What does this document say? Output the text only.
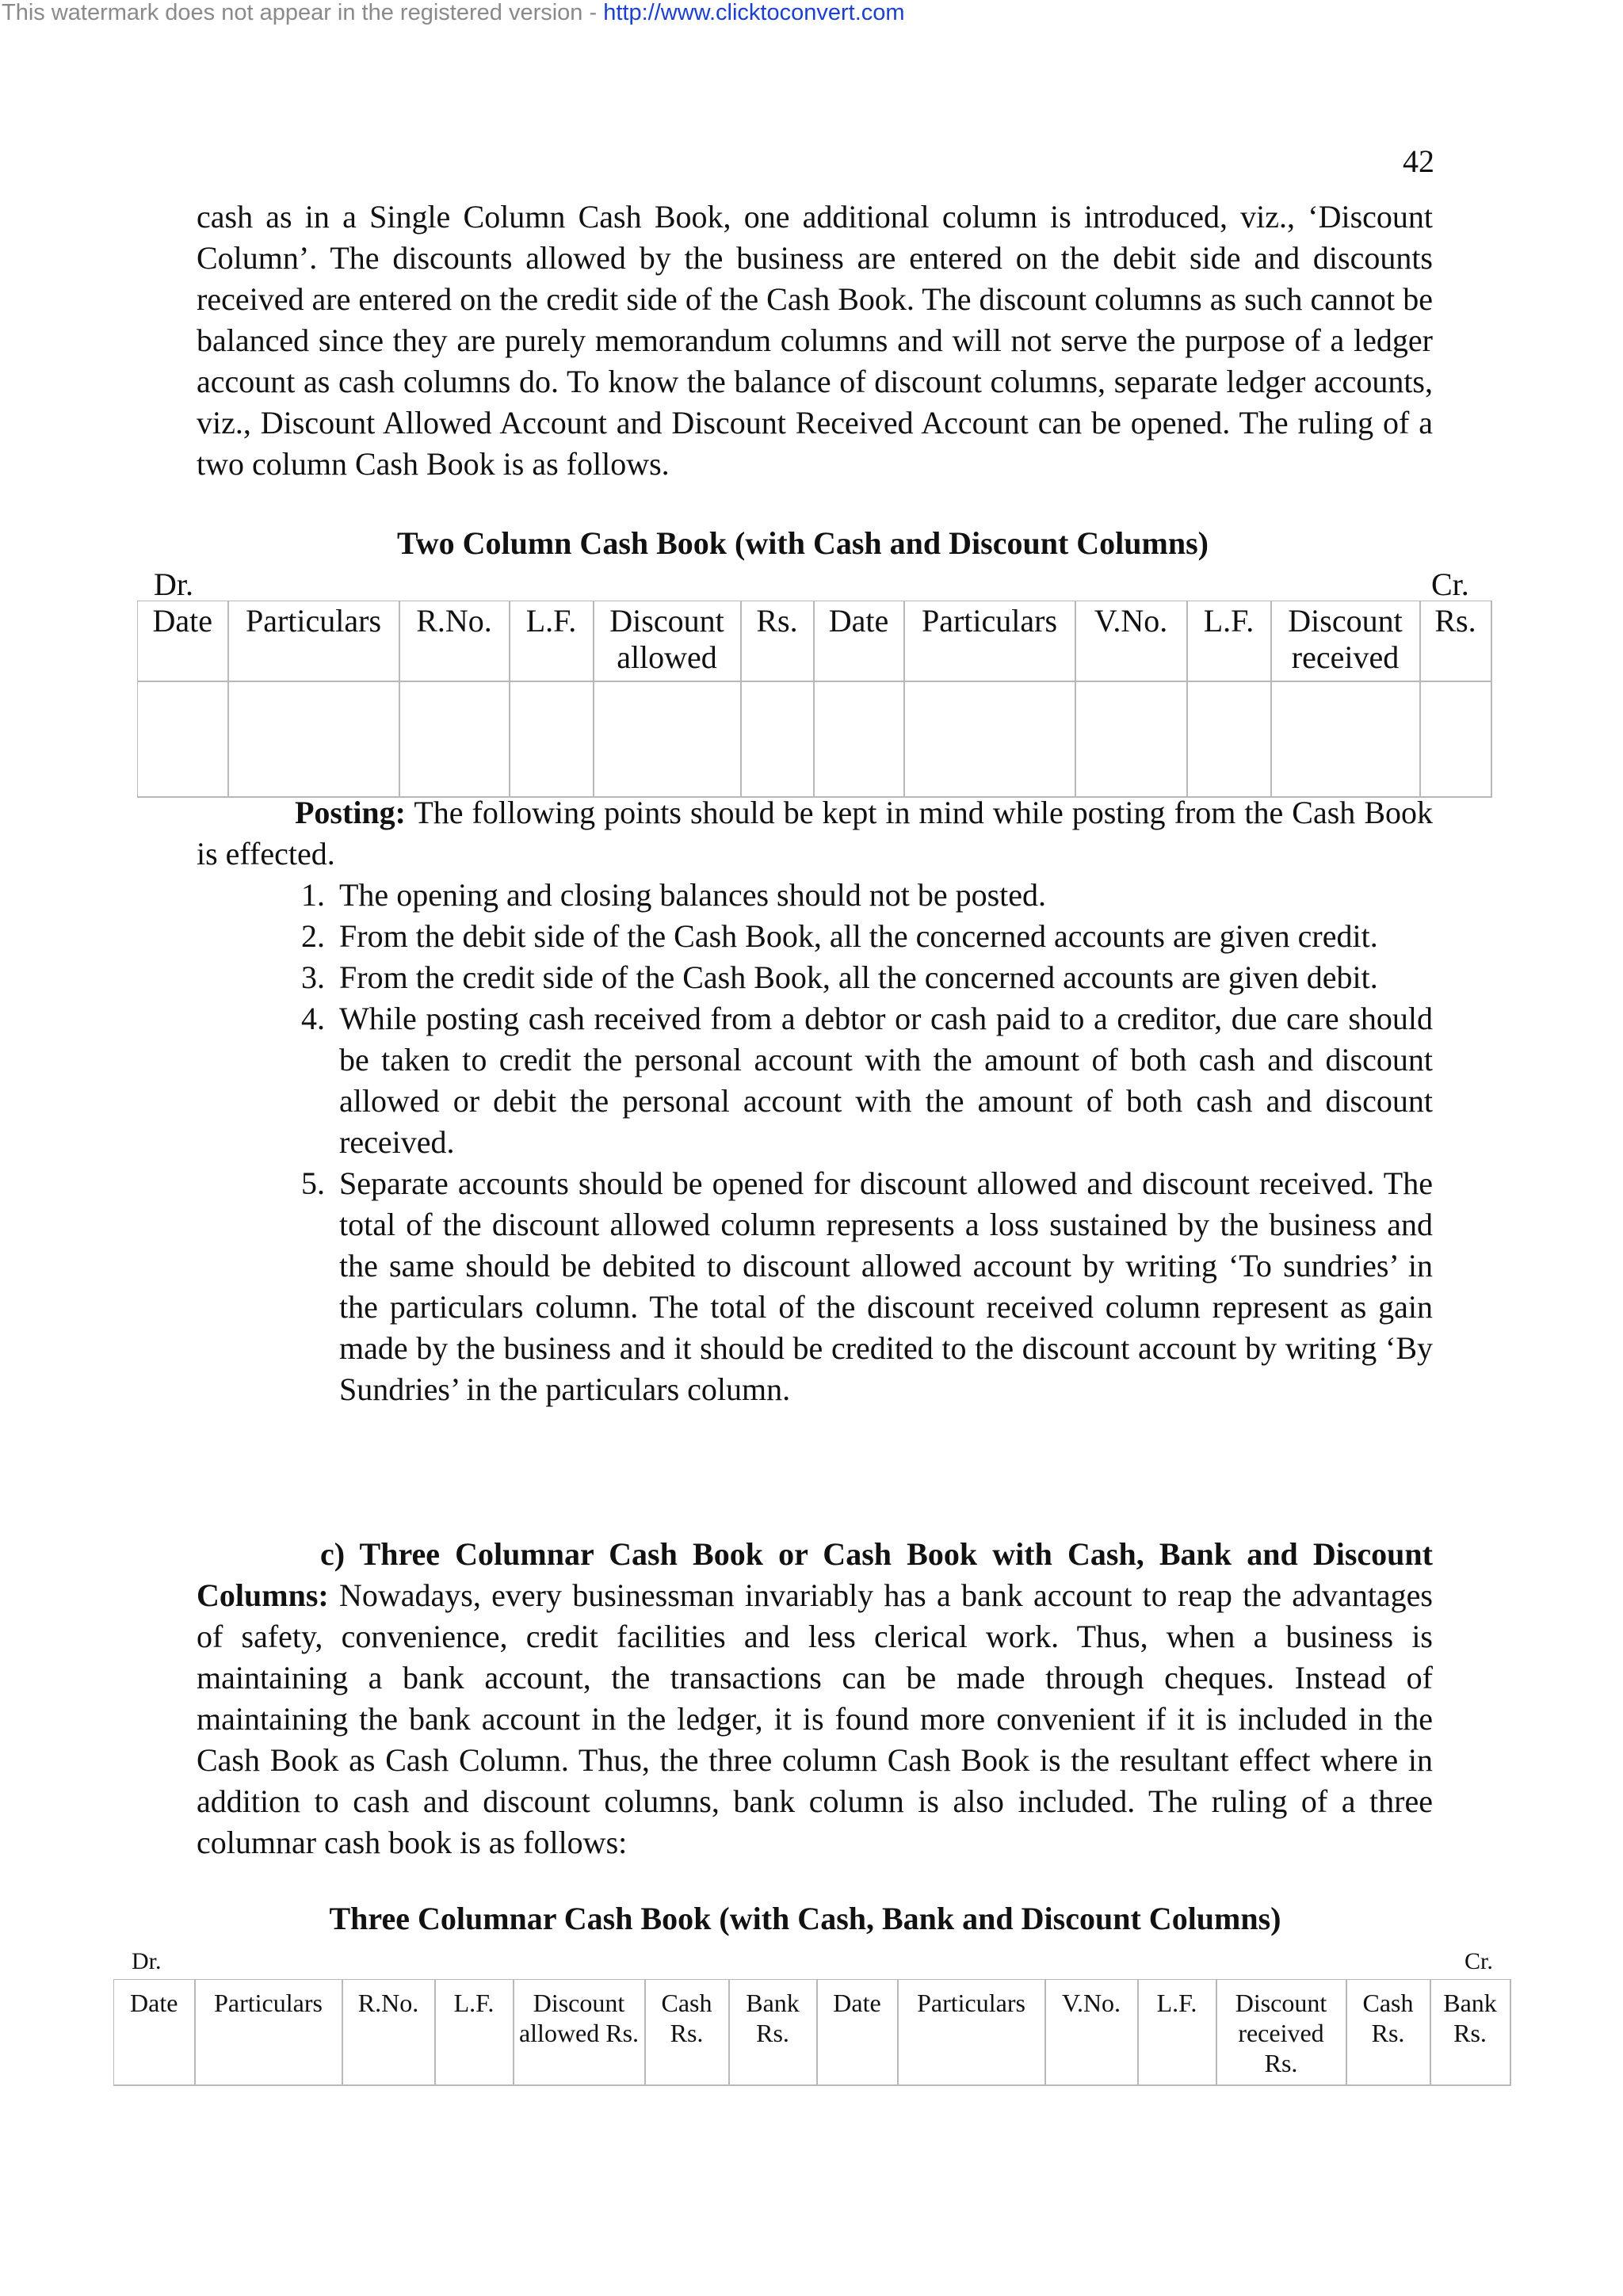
This watermark does not appear in the registered version - http://www.clicktoconvert.com
42
cash as in a Single Column Cash Book, one additional column is introduced, viz., ‘Discount Column’. The discounts allowed by the business are entered on the debit side and discounts received are entered on the credit side of the Cash Book. The discount columns as such cannot be balanced since they are purely memorandum columns and will not serve the purpose of a ledger account as cash columns do. To know the balance of discount columns, separate ledger accounts, viz., Discount Allowed Account and Discount Received Account can be opened. The ruling of a two column Cash Book is as follows.
Two Column Cash Book (with Cash and Discount Columns)
Dr.	Cr.
Date	Particulars	R.No.	L.F.	Discount allowed	Rs.	Date	Particulars	V.No.	L.F.	Discount received	Rs.

Posting: The following points should be kept in mind while posting from the Cash Book is effected.
1. The opening and closing balances should not be posted.
2. From the debit side of the Cash Book, all the concerned accounts are given credit.
3. From the credit side of the Cash Book, all the concerned accounts are given debit.
4. While posting cash received from a debtor or cash paid to a creditor, due care should be taken to credit the personal account with the amount of both cash and discount allowed or debit the personal account with the amount of both cash and discount received.
5. Separate accounts should be opened for discount allowed and discount received. The total of the discount allowed column represents a loss sustained by the business and the same should be debited to discount allowed account by writing ‘To sundries’ in the particulars column. The total of the discount received column represent as gain made by the business and it should be credited to the discount account by writing ‘By Sundries’ in the particulars column.
c) Three Columnar Cash Book or Cash Book with Cash, Bank and Discount Columns: Nowadays, every businessman invariably has a bank account to reap the advantages of safety, convenience, credit facilities and less clerical work. Thus, when a business is maintaining a bank account, the transactions can be made through cheques. Instead of maintaining the bank account in the ledger, it is found more convenient if it is included in the Cash Book as Cash Column. Thus, the three column Cash Book is the resultant effect where in addition to cash and discount columns, bank column is also included. The ruling of a three columnar cash book is as follows:
Three Columnar Cash Book (with Cash, Bank and Discount Columns)
Dr.	Cr.
Date	Particulars	R.No.	L.F.	Discount allowed Rs.	Cash Rs.	Bank Rs.	Date	Particulars	V.No.	L.F.	Discount received Rs.	Cash Rs.	Bank Rs.
